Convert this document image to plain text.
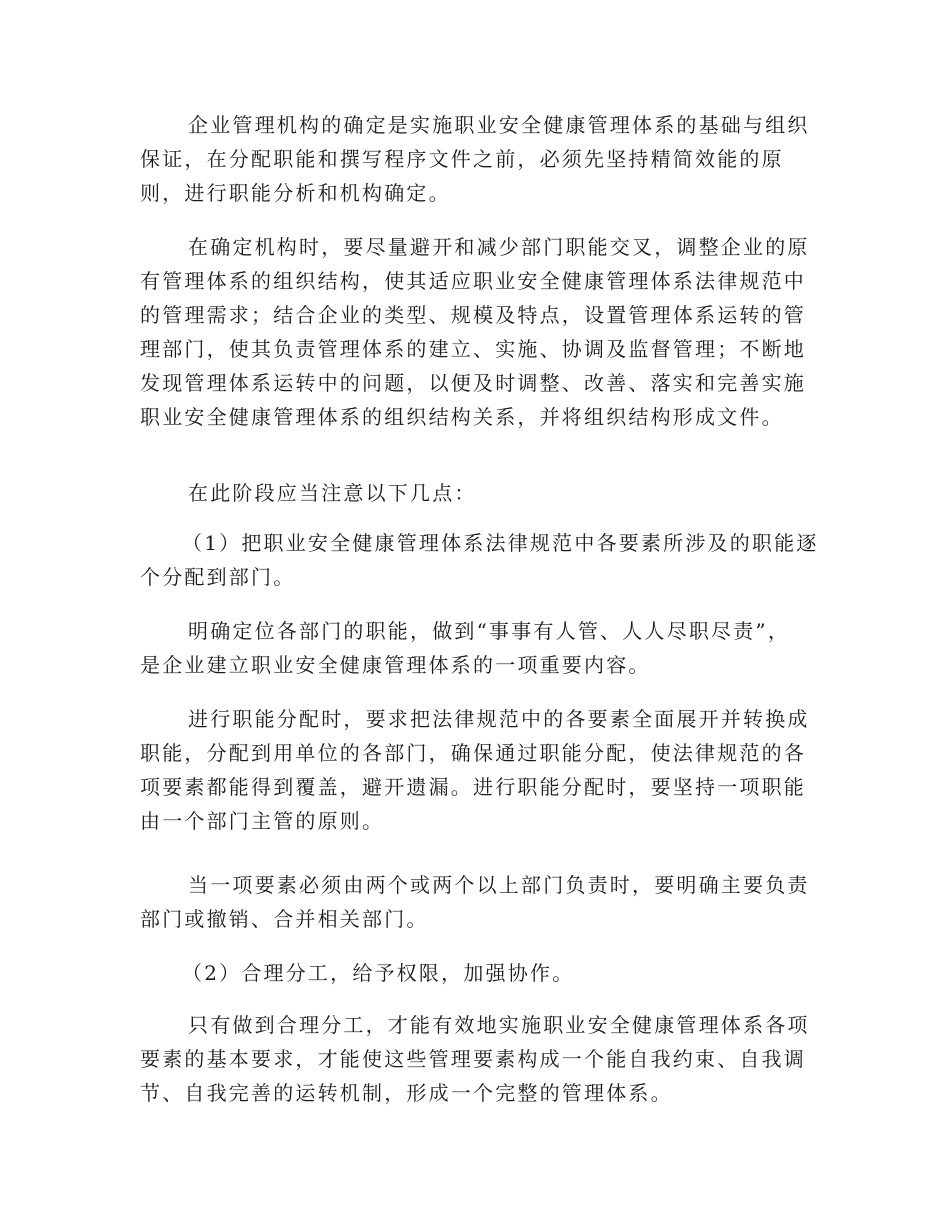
企业管理机构的确定是实施职业安全健康管理体系的基础与组织
保证，在分配职能和撰写程序文件之前，必须先坚持精简效能的原
则，进行职能分析和机构确定。

在确定机构时，要尽量避开和减少部门职能交叉，调整企业的原
有管理体系的组织结构，使其适应职业安全健康管理体系法律规范中
的管理需求；结合企业的类型、规模及特点，设置管理体系运转的管
理部门，使其负责管理体系的建立、实施、协调及监督管理；不断地
发现管理体系运转中的问题，以便及时调整、改善、落实和完善实施
职业安全健康管理体系的组织结构关系，并将组织结构形成文件。

在此阶段应当注意以下几点：

（1）把职业安全健康管理体系法律规范中各要素所涉及的职能逐
个分配到部门。

明确定位各部门的职能，做到“事事有人管、人人尽职尽责”，
是企业建立职业安全健康管理体系的一项重要内容。

进行职能分配时，要求把法律规范中的各要素全面展开并转换成
职能，分配到用单位的各部门，确保通过职能分配，使法律规范的各
项要素都能得到覆盖，避开遗漏。进行职能分配时，要坚持一项职能
由一个部门主管的原则。

当一项要素必须由两个或两个以上部门负责时，要明确主要负责
部门或撤销、合并相关部门。

（2）合理分工，给予权限，加强协作。

只有做到合理分工，才能有效地实施职业安全健康管理体系各项
要素的基本要求，才能使这些管理要素构成一个能自我约束、自我调
节、自我完善的运转机制，形成一个完整的管理体系。
